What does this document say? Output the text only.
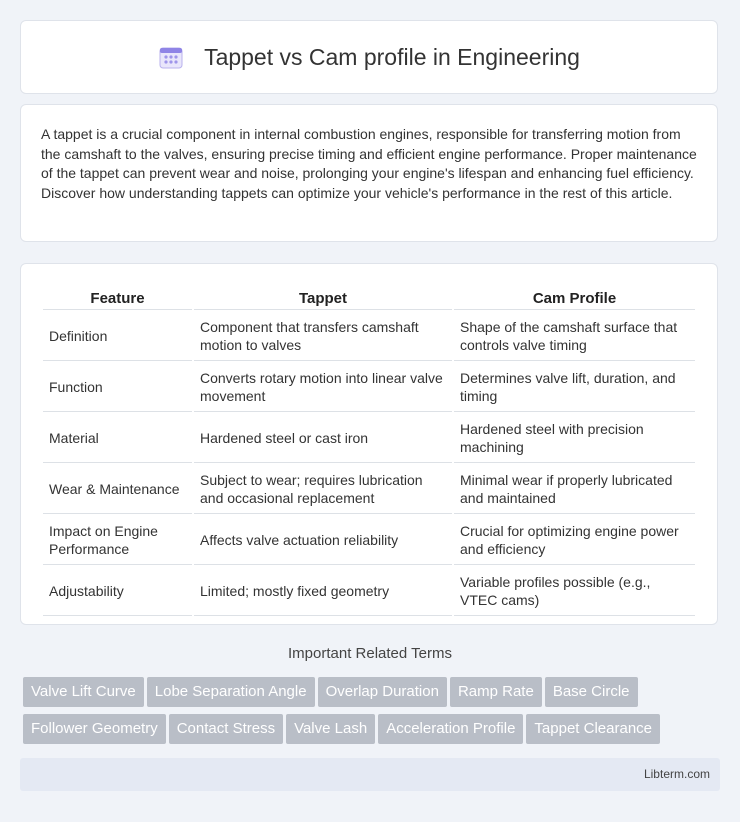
Tappet vs Cam profile in Engineering

A tappet is a crucial component in internal combustion engines, responsible for transferring motion from the camshaft to the valves, ensuring precise timing and efficient engine performance. Proper maintenance of the tappet can prevent wear and noise, prolonging your engine's lifespan and enhancing fuel efficiency. Discover how understanding tappets can optimize your vehicle's performance in the rest of this article.

Feature	Tappet	Cam Profile
Definition	Component that transfers camshaft motion to valves	Shape of the camshaft surface that controls valve timing
Function	Converts rotary motion into linear valve movement	Determines valve lift, duration, and timing
Material	Hardened steel or cast iron	Hardened steel with precision machining
Wear & Maintenance	Subject to wear; requires lubrication and occasional replacement	Minimal wear if properly lubricated and maintained
Impact on Engine Performance	Affects valve actuation reliability	Crucial for optimizing engine power and efficiency
Adjustability	Limited; mostly fixed geometry	Variable profiles possible (e.g., VTEC cams)
Important Related Terms
Valve Lift Curve Lobe Separation Angle Overlap Duration Ramp Rate Base Circle
Follower Geometry Contact Stress Valve Lash Acceleration Profile Tappet Clearance
Libterm.com
